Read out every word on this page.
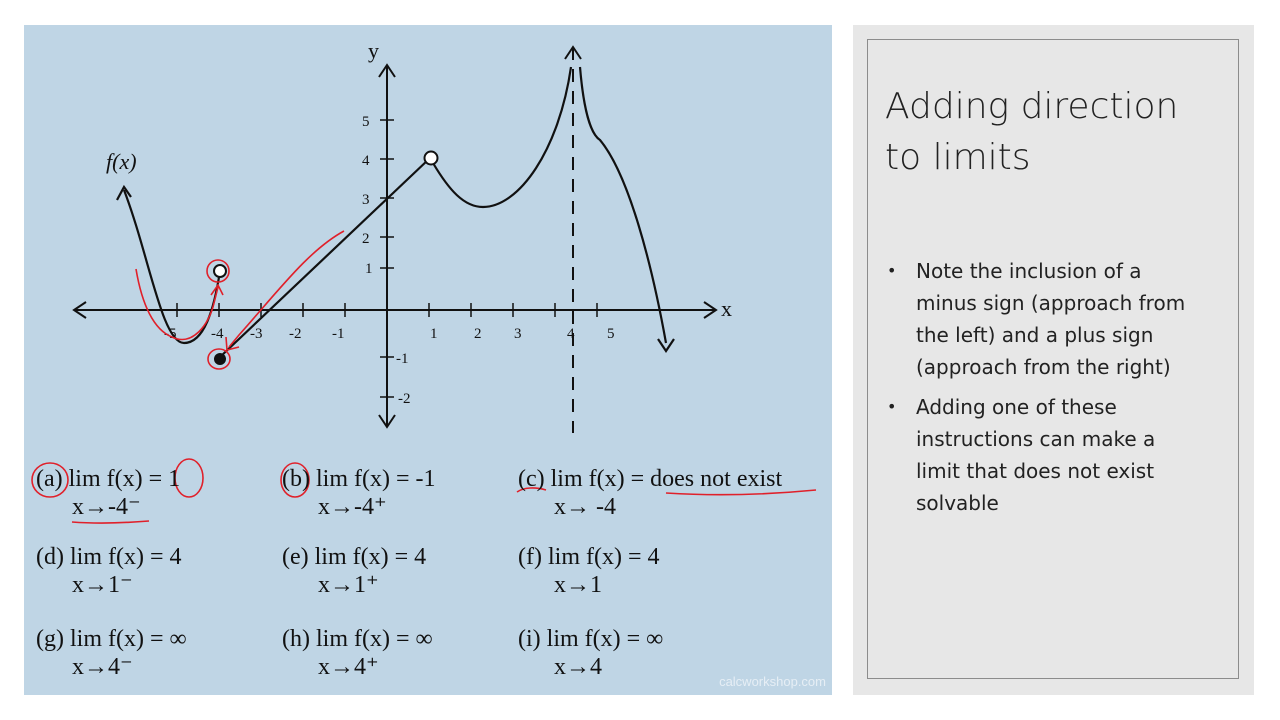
x
y
-5 -4 -3 -2 -1	1 2 3	4 5
5
4
3
2
1
-1
-2
f(x)
(a) lim f(x) = 1
x→-4⁻
(b) lim f(x) = -1
x→-4⁺
(c) lim f(x) = does not exist
x→ -4
(d) lim f(x) = 4
x→1⁻
(e) lim f(x) = 4
x→1⁺
(f) lim f(x) = 4
x→1
(g) lim f(x) = ∞
x→4⁻
(h) lim f(x) = ∞
x→4⁺
(i) lim f(x) = ∞
x→4
calcworkshop.com
Adding direction to limits
• Note the inclusion of a minus sign (approach from the left) and a plus sign (approach from the right)
• Adding one of these instructions can make a limit that does not exist solvable
